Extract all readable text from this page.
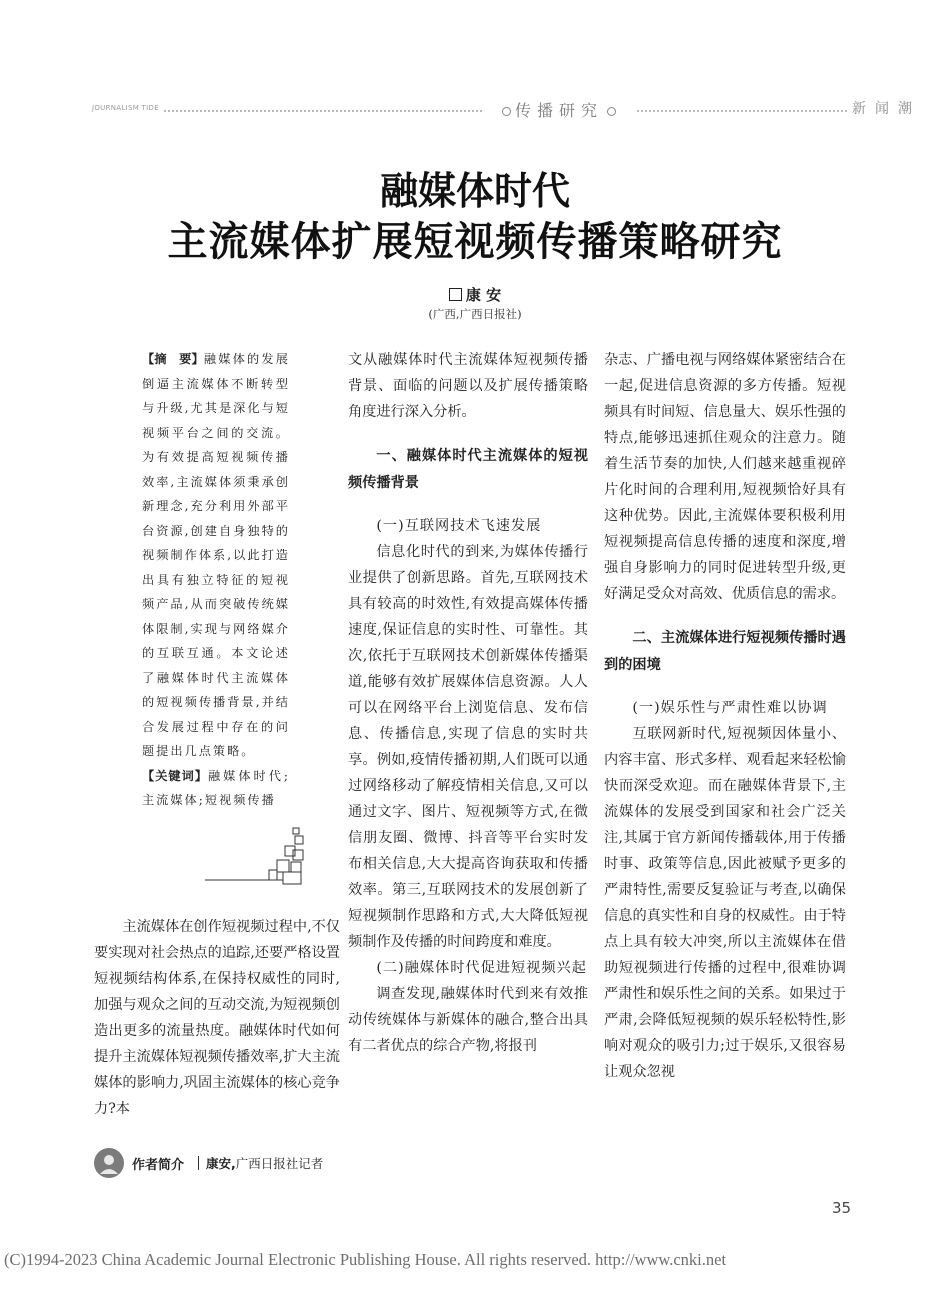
JOURNALISM TIDE	传播研究	新闻潮
融媒体时代
主流媒体扩展短视频传播策略研究
康 安
(广西,广西日报社)
【摘　要】融媒体的发展倒逼主流媒体不断转型与升级,尤其是深化与短视频平台之间的交流。为有效提高短视频传播效率,主流媒体须秉承创新理念,充分利用外部平台资源,创建自身独特的视频制作体系,以此打造出具有独立特征的短视频产品,从而突破传统媒体限制,实现与网络媒介的互联互通。本文论述了融媒体时代主流媒体的短视频传播背景,并结合发展过程中存在的问题提出几点策略。
【关键词】融媒体时代;主流媒体;短视频传播

主流媒体在创作短视频过程中,不仅要实现对社会热点的追踪,还要严格设置短视频结构体系,在保持权威性的同时,加强与观众之间的互动交流,为短视频创造出更多的流量热度。融媒体时代如何提升主流媒体短视频传播效率,扩大主流媒体的影响力,巩固主流媒体的核心竞争力?本

文从融媒体时代主流媒体短视频传播背景、面临的问题以及扩展传播策略角度进行深入分析。

一、融媒体时代主流媒体的短视频传播背景

(一)互联网技术飞速发展

信息化时代的到来,为媒体传播行业提供了创新思路。首先,互联网技术具有较高的时效性,有效提高媒体传播速度,保证信息的实时性、可靠性。其次,依托于互联网技术创新媒体传播渠道,能够有效扩展媒体信息资源。人人可以在网络平台上浏览信息、发布信息、传播信息,实现了信息的实时共享。例如,疫情传播初期,人们既可以通过网络移动了解疫情相关信息,又可以通过文字、图片、短视频等方式,在微信朋友圈、微博、抖音等平台实时发布相关信息,大大提高咨询获取和传播效率。第三,互联网技术的发展创新了短视频制作思路和方式,大大降低短视频制作及传播的时间跨度和难度。

(二)融媒体时代促进短视频兴起

调查发现,融媒体时代到来有效推动传统媒体与新媒体的融合,整合出具有二者优点的综合产物,将报刊

杂志、广播电视与网络媒体紧密结合在一起,促进信息资源的多方传播。短视频具有时间短、信息量大、娱乐性强的特点,能够迅速抓住观众的注意力。随着生活节奏的加快,人们越来越重视碎片化时间的合理利用,短视频恰好具有这种优势。因此,主流媒体要积极利用短视频提高信息传播的速度和深度,增强自身影响力的同时促进转型升级,更好满足受众对高效、优质信息的需求。

二、主流媒体进行短视频传播时遇到的困境

(一)娱乐性与严肃性难以协调

互联网新时代,短视频因体量小、内容丰富、形式多样、观看起来轻松愉快而深受欢迎。而在融媒体背景下,主流媒体的发展受到国家和社会广泛关注,其属于官方新闻传播载体,用于传播时事、政策等信息,因此被赋予更多的严肃特性,需要反复验证与考查,以确保信息的真实性和自身的权威性。由于特点上具有较大冲突,所以主流媒体在借助短视频进行传播的过程中,很难协调严肃性和娱乐性之间的关系。如果过于严肃,会降低短视频的娱乐轻松特性,影响对观众的吸引力;过于娱乐,又很容易让观众忽视

作者简介 康安,广西日报社记者
35
(C)1994-2023 China Academic Journal Electronic Publishing House. All rights reserved. http://www.cnki.net
